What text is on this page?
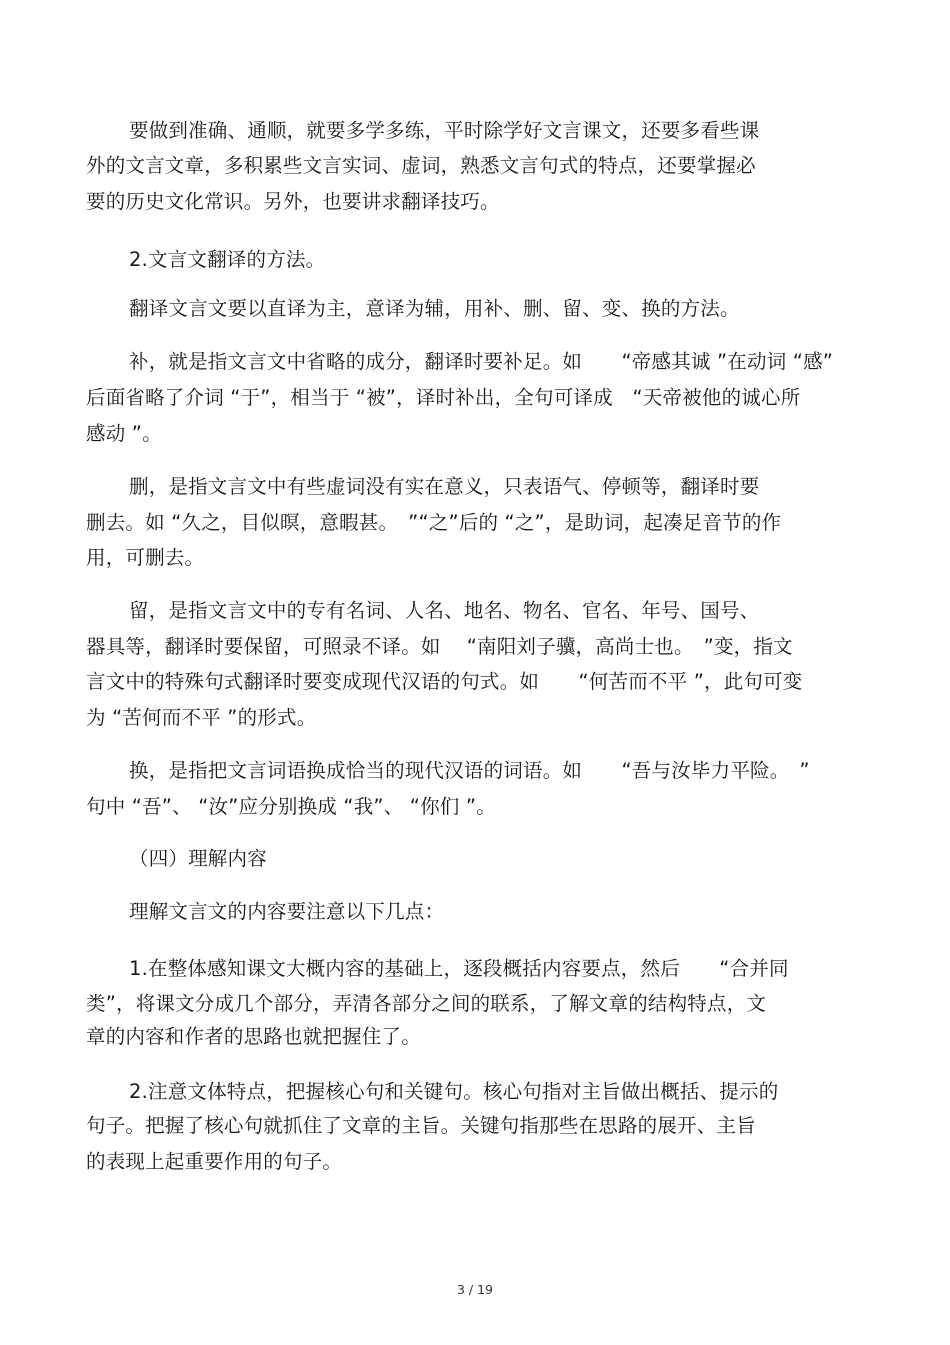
要做到准确、通顺，就要多学多练，平时除学好文言课文，还要多看些课
外的文言文章，多积累些文言实词、虚词，熟悉文言句式的特点，还要掌握必
要的历史文化常识。另外，也要讲求翻译技巧。
2.文言文翻译的方法。
翻译文言文要以直译为主，意译为辅，用补、删、留、变、换的方法。
补，就是指文言文中省略的成分，翻译时要补足。如　　“帝感其诚 ”在动词 “感”
后面省略了介词 “于”，相当于 “被”，译时补出，全句可译成　“天帝被他的诚心所
感动 ”。
删，是指文言文中有些虚词没有实在意义，只表语气、停顿等，翻译时要
删去。如 “久之，目似暝，意暇甚。　”“之”后的 “之”，是助词，起凑足音节的作
用，可删去。
留，是指文言文中的专有名词、人名、地名、物名、官名、年号、国号、
器具等，翻译时要保留，可照录不译。如　 “南阳刘子骥，高尚士也。　”变，指文
言文中的特殊句式翻译时要变成现代汉语的句式。如　　“何苦而不平 ”，此句可变
为 “苦何而不平 ”的形式。
换，是指把文言词语换成恰当的现代汉语的词语。如　　“吾与汝毕力平险。　”
句中 “吾”、 “汝”应分别换成 “我”、 “你们 ”。
（四）理解内容
理解文言文的内容要注意以下几点：
1.在整体感知课文大概内容的基础上，逐段概括内容要点，然后　　“合并同
类”，将课文分成几个部分，弄清各部分之间的联系，了解文章的结构特点，文
章的内容和作者的思路也就把握住了。
2.注意文体特点，把握核心句和关键句。核心句指对主旨做出概括、提示的
句子。把握了核心句就抓住了文章的主旨。关键句指那些在思路的展开、主旨
的表现上起重要作用的句子。
3 / 19
